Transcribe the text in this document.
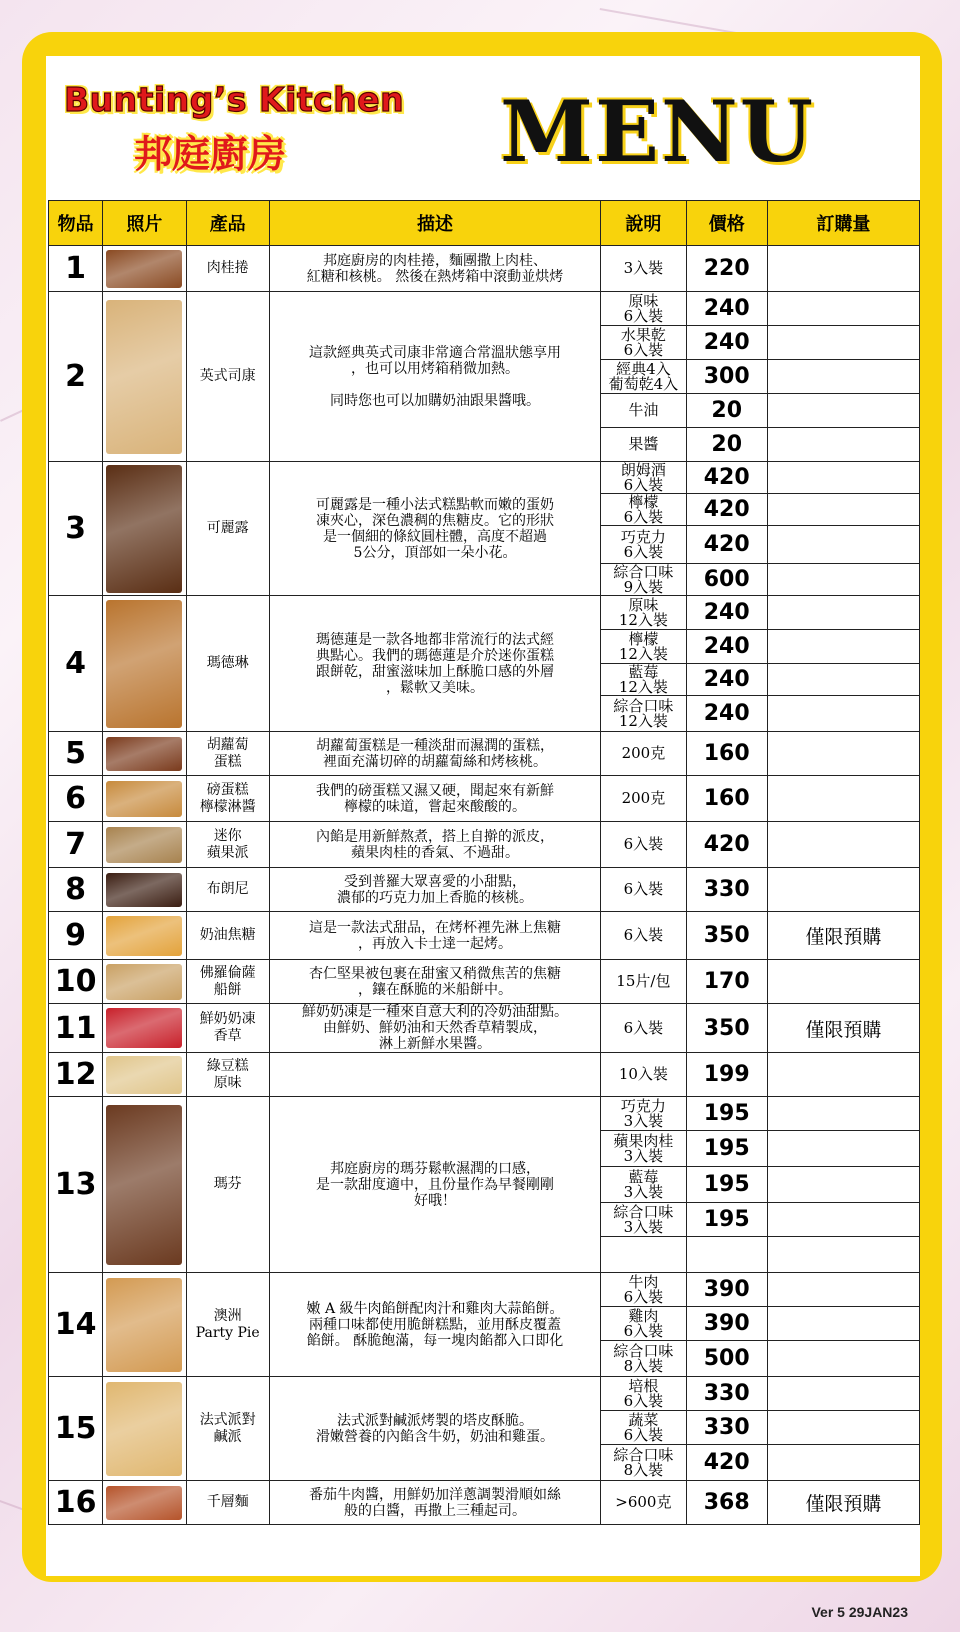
Bunting’s Kitchen
邦庭廚房	MENU
物品	照片	產品	描述	說明	價格	訂購量
1		肉桂捲	邦庭廚房的肉桂捲，麵團撒上肉桂、
紅糖和核桃。 然後在熱烤箱中滾動並烘烤	3入裝	220	
2		英式司康	這款經典英式司康非常適合常溫狀態享用
，也可以用烤箱稍微加熱。

同時您也可以加購奶油跟果醬哦。	原味
6入裝	240	
				水果乾
6入裝	240	
				經典4入
葡萄乾4入	300	
				牛油	20	
				果醬	20	
3		可麗露	可麗露是一種小法式糕點軟而嫩的蛋奶
凍夾心，深色濃稠的焦糖皮。它的形狀
是一個細的條紋圓柱體，高度不超過
5公分，頂部如一朵小花。	朗姆酒
6入裝	420	
				檸檬
6入裝	420	
				巧克力
6入裝	420	
				綜合口味
9入裝	600	
4		瑪德琳	瑪德蓮是一款各地都非常流行的法式經
典點心。我們的瑪德蓮是介於迷你蛋糕
跟餅乾，甜蜜滋味加上酥脆口感的外層
，鬆軟又美味。	原味
12入裝	240	
				檸檬
12入裝	240	
				藍莓
12入裝	240	
				綜合口味
12入裝	240	
5		胡蘿蔔
蛋糕	胡蘿蔔蛋糕是一種淡甜而濕潤的蛋糕，
裡面充滿切碎的胡蘿蔔絲和烤核桃。	200克	160	
6		磅蛋糕
檸檬淋醬	我們的磅蛋糕又濕又硬，聞起來有新鮮
檸檬的味道，嘗起來酸酸的。	200克	160	
7		迷你
蘋果派	內餡是用新鮮熬煮，搭上自擀的派皮，
蘋果肉桂的香氣、不過甜。	6入裝	420	
8		布朗尼	受到普羅大眾喜愛的小甜點，
濃郁的巧克力加上香脆的核桃。	6入裝	330	
9		奶油焦糖	這是一款法式甜品，在烤杯裡先淋上焦糖
，再放入卡士達一起烤。	6入裝	350	僅限預購
10		佛羅倫薩
船餅	杏仁堅果被包裹在甜蜜又稍微焦苦的焦糖
，鑲在酥脆的米船餅中。	15片/包	170	
11		鮮奶奶凍
香草	鮮奶奶凍是一種來自意大利的冷奶油甜點。
由鮮奶、鮮奶油和天然香草精製成，
淋上新鮮水果醬。	6入裝	350	僅限預購
12		綠豆糕
原味		10入裝	199	
13		瑪芬	邦庭廚房的瑪芬鬆軟濕潤的口感，
是一款甜度適中，且份量作為早餐剛剛
好哦！	巧克力
3入裝	195	
				蘋果肉桂
3入裝	195	
				藍莓
3入裝	195	
				綜合口味
3入裝	195	

14		澳洲
Party Pie	嫩 A 級牛肉餡餅配肉汁和雞肉大蒜餡餅。
兩種口味都使用脆餅糕點，並用酥皮覆蓋
餡餅。 酥脆飽滿，每一塊肉餡都入口即化	牛肉
6入裝	390	
				雞肉
6入裝	390	
				綜合口味
8入裝	500	
15		法式派對
鹹派	法式派對鹹派烤製的塔皮酥脆。
滑嫩營養的內餡含牛奶，奶油和雞蛋。	培根
6入裝	330	
				蔬菜
6入裝	330	
				綜合口味
8入裝	420	
16		千層麵	番茄牛肉醬，用鮮奶加洋蔥調製滑順如絲
般的白醬，再撒上三種起司。	>600克	368	僅限預購
Ver 5 29JAN23
